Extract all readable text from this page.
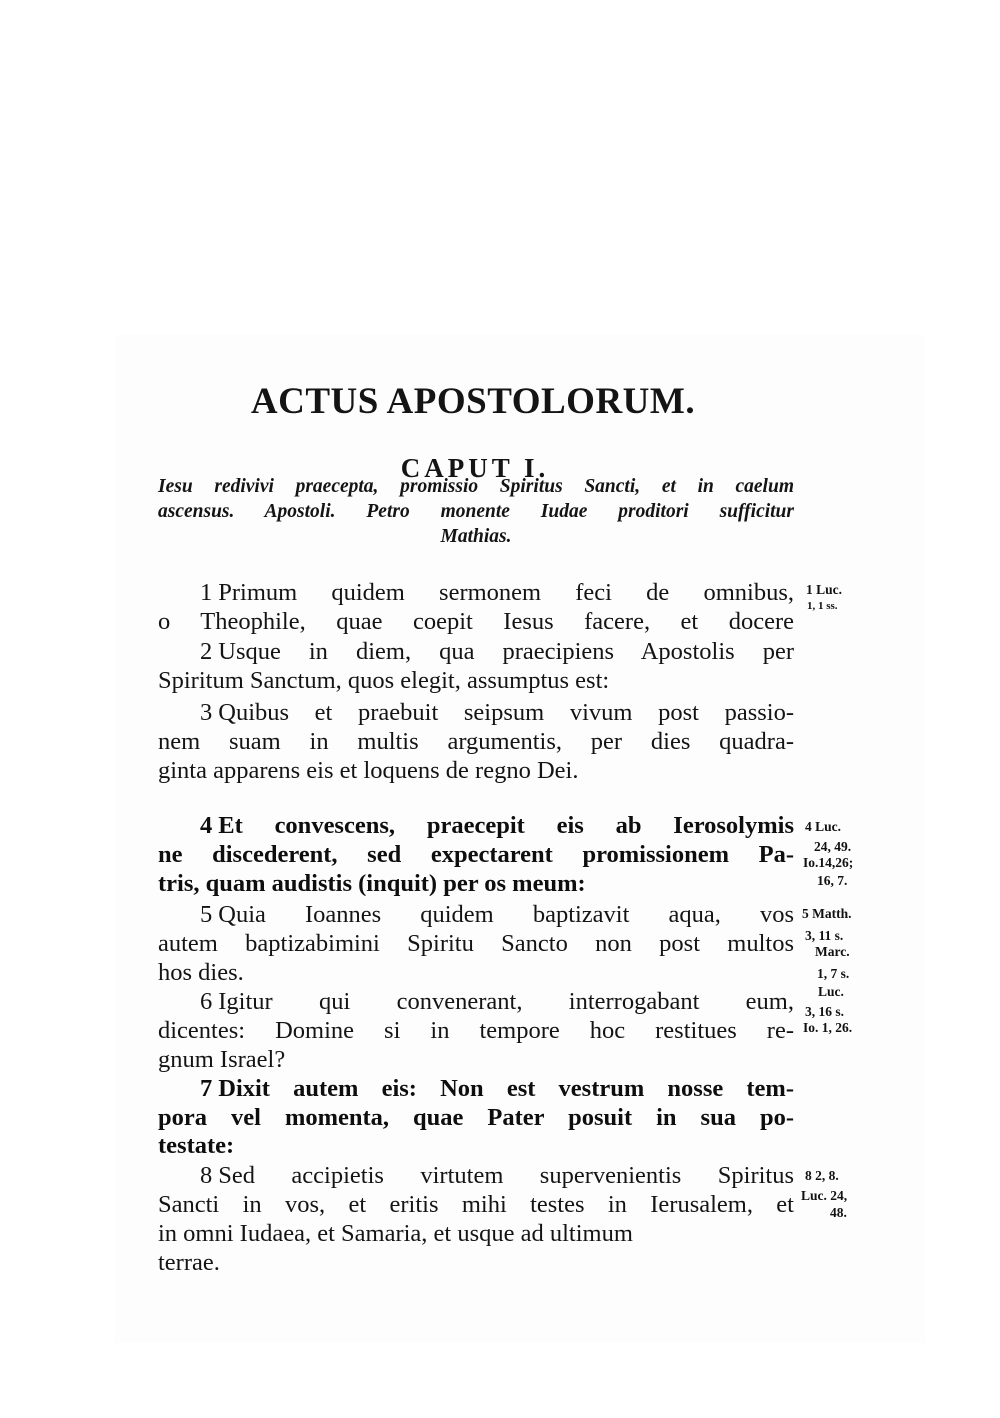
ACTUS APOSTOLORUM.
CAPUT I.
Iesu redivivi praecepta, promissio Spiritus Sancti, et in caelum
ascensus. Apostoli. Petro monente Iudae proditori sufficitur
Mathias.
1 Primum quidem sermonem feci de omnibus,
o Theophile, quae coepit Iesus facere, et docere
2 Usque in diem, qua praecipiens Apostolis per
Spiritum Sanctum, quos elegit, assumptus est:
3 Quibus et praebuit seipsum vivum post passio-
nem suam in multis argumentis, per dies quadra-
ginta apparens eis et loquens de regno Dei.
4 Et convescens, praecepit eis ab Ierosolymis
ne discederent, sed expectarent promissionem Pa-
tris, quam audistis (inquit) per os meum:
5 Quia Ioannes quidem baptizavit aqua, vos
autem baptizabimini Spiritu Sancto non post multos
hos dies.
6 Igitur qui convenerant, interrogabant eum,
dicentes: Domine si in tempore hoc restitues re-
gnum Israel?
7 Dixit autem eis: Non est vestrum nosse tem-
pora vel momenta, quae Pater posuit in sua po-
testate:
8 Sed accipietis virtutem supervenientis Spiritus
Sancti in vos, et eritis mihi testes in Ierusalem, et
in omni Iudaea, et Samaria, et usque ad ultimum
terrae.
1 Luc.
1, 1 ss.
4 Luc.
24, 49.
Io.14,26;
16, 7.
5 Matth.
3, 11 s.
Marc.
1, 7 s.
Luc.
3, 16 s.
Io. 1, 26.
8 2, 8.
Luc. 24,
48.
